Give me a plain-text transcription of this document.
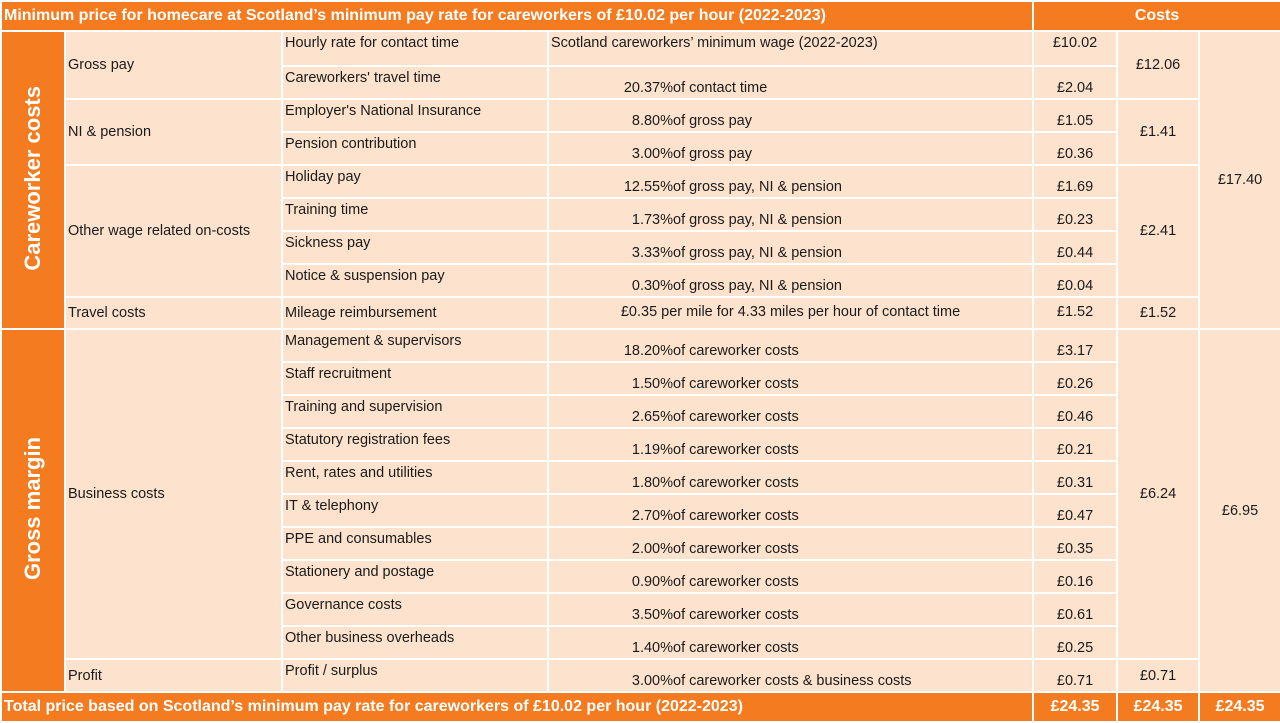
Minimum price for homecare at Scotland’s minimum pay rate for careworkers of £10.02 per hour (2022-2023)				Costs		
Careworker costs	Gross pay	Hourly rate for contact time	Scotland careworkers’ minimum wage (2022-2023)	£10.02	£12.06	£17.40
		Careworkers' travel time	20.37%of contact time	£2.04		
	NI & pension	Employer's National Insurance	8.80%of gross pay	£1.05	£1.41	
		Pension contribution	3.00%of gross pay	£0.36		
	Other wage related on-costs	Holiday pay	12.55%of gross pay, NI & pension	£1.69	£2.41	
		Training time	1.73%of gross pay, NI & pension	£0.23		
		Sickness pay	3.33%of gross pay, NI & pension	£0.44		
		Notice & suspension pay	0.30%of gross pay, NI & pension	£0.04		
	Travel costs	Mileage reimbursement	£0.35 per mile for 4.33 miles per hour of contact time	£1.52	£1.52	
Gross margin	Business costs	Management & supervisors	18.20%of careworker costs	£3.17	£6.24	£6.95
		Staff recruitment	1.50%of careworker costs	£0.26		
		Training and supervision	2.65%of careworker costs	£0.46		
		Statutory registration fees	1.19%of careworker costs	£0.21		
		Rent, rates and utilities	1.80%of careworker costs	£0.31		
		IT & telephony	2.70%of careworker costs	£0.47		
		PPE and consumables	2.00%of careworker costs	£0.35		
		Stationery and postage	0.90%of careworker costs	£0.16		
		Governance costs	3.50%of careworker costs	£0.61		
		Other business overheads	1.40%of careworker costs	£0.25		
	Profit	Profit / surplus	3.00%of careworker costs & business costs	£0.71	£0.71	
Total price based on Scotland’s minimum pay rate for careworkers of £10.02 per hour (2022-2023)				£24.35	£24.35	£24.35
